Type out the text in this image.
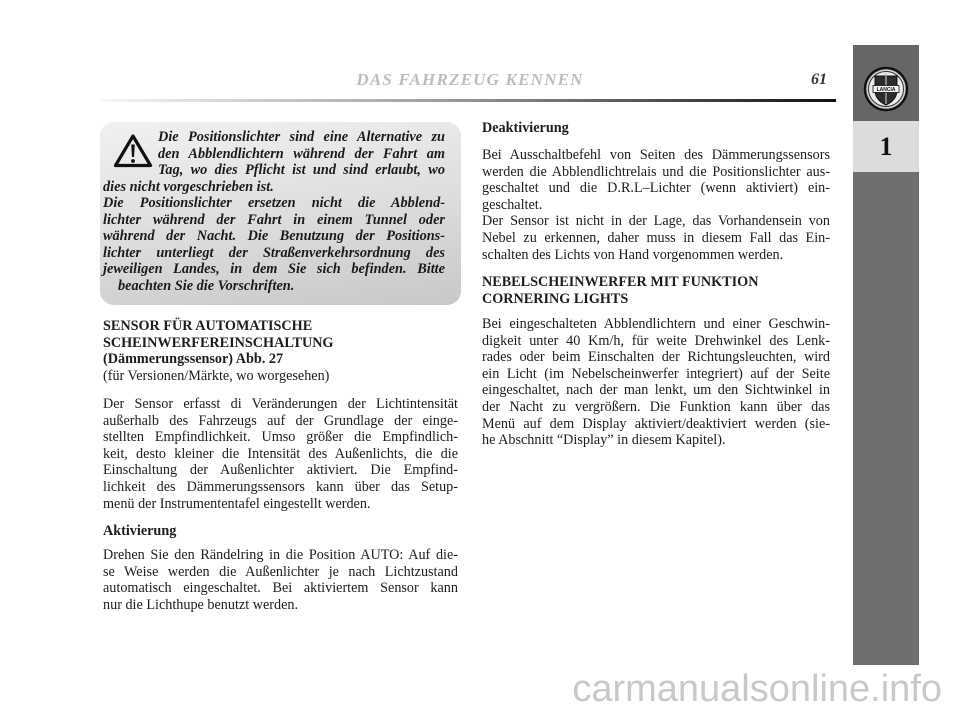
DAS FAHRZEUG KENNEN	61
LANCIA
1
Die Positionslichter sind eine Alternative zu
den Abblendlichtern während der Fahrt am
Tag, wo dies Pflicht ist und sind erlaubt, wo
dies nicht vorgeschrieben ist.
Die Positionslichter ersetzen nicht die Abblend-
lichter während der Fahrt in einem Tunnel oder
während der Nacht. Die Benutzung der Positions-
lichter unterliegt der Straßenverkehrsordnung des
jeweiligen Landes, in dem Sie sich befinden. Bitte
beachten Sie die Vorschriften.
SENSOR FÜR AUTOMATISCHE
SCHEINWERFEREINSCHALTUNG
(Dämmerungssensor) Abb. 27
(für Versionen/Märkte, wo worgesehen)
Der Sensor erfasst di Veränderungen der Lichtintensität
außerhalb des Fahrzeugs auf der Grundlage der einge-
stellten Empfindlichkeit. Umso größer die Empfindlich-
keit, desto kleiner die Intensität des Außenlichts, die die
Einschaltung der Außenlichter aktiviert. Die Empfind-
lichkeit des Dämmerungssensors kann über das Setup-
menü der Instrumententafel eingestellt werden.
Aktivierung
Drehen Sie den Rändelring in die Position AUTO: Auf die-
se Weise werden die Außenlichter je nach Lichtzustand
automatisch eingeschaltet. Bei aktiviertem Sensor kann
nur die Lichthupe benutzt werden.
Deaktivierung
Bei Ausschaltbefehl von Seiten des Dämmerungssensors
werden die Abblendlichtrelais und die Positionslichter aus-
geschaltet und die D.R.L–Lichter (wenn aktiviert) ein-
geschaltet.
Der Sensor ist nicht in der Lage, das Vorhandensein von
Nebel zu erkennen, daher muss in diesem Fall das Ein-
schalten des Lichts von Hand vorgenommen werden.
NEBELSCHEINWERFER MIT FUNKTION
CORNERING LIGHTS
Bei eingeschalteten Abblendlichtern und einer Geschwin-
digkeit unter 40 Km/h, für weite Drehwinkel des Lenk-
rades oder beim Einschalten der Richtungsleuchten, wird
ein Licht (im Nebelscheinwerfer integriert) auf der Seite
eingeschaltet, nach der man lenkt, um den Sichtwinkel in
der Nacht zu vergrößern. Die Funktion kann über das
Menü auf dem Display aktiviert/deaktiviert werden (sie-
he Abschnitt “Display” in diesem Kapitel).
carmanualsonline.info
